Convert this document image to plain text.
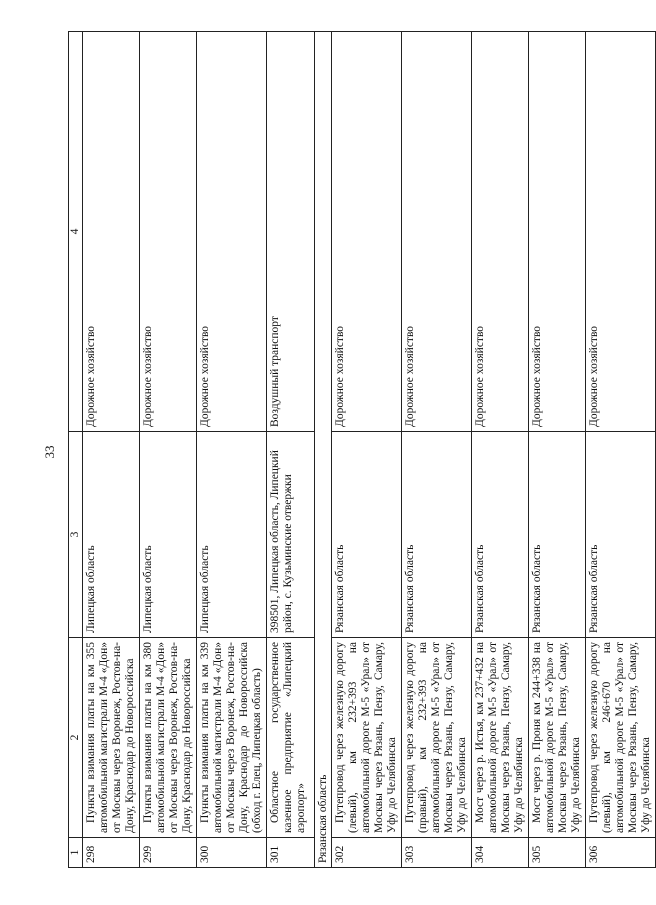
33
1	2	3	4
298	Пункты взимания платы на км 355 автомобильной магистрали М-4 «Дон» от Москвы через Воронеж, Ростов-на-Дону, Краснодар до Новороссийска	Липецкая область	Дорожное хозяйство
299	Пункты взимания платы на км 380 автомобильной магистрали М-4 «Дон» от Москвы через Воронеж, Ростов-на-Дону, Краснодар до Новороссийска	Липецкая область	Дорожное хозяйство
300	Пункты взимания платы на км 339 автомобильной магистрали М-4 «Дон» от Москвы через Воронеж, Ростов-на-Дону, Краснодар до Новороссийска (обход г. Елец, Липецкая область)	Липецкая область	Дорожное хозяйство
301	Областное государственное казенное предприятие «Липецкий аэропорт»	398501, Липецкая область, Липецкий район, с. Кузьминские отвержки	Воздушный транспорт
Рязанская область			
302	Путепровод через железную дорогу (левый), км 232+393 на автомобильной дороге М-5 «Урал» от Москвы через Рязань, Пензу, Самару, Уфу до Челябинска	Рязанская область	Дорожное хозяйство
303	Путепровод через железную дорогу (правый), км 232+393 на автомобильной дороге М-5 «Урал» от Москвы через Рязань, Пензу, Самару, Уфу до Челябинска	Рязанская область	Дорожное хозяйство
304	Мост через р. Истья, км 237+432 на автомобильной дороге М-5 «Урал» от Москвы через Рязань, Пензу, Самару, Уфу до Челябинска	Рязанская область	Дорожное хозяйство
305	Мост через р. Проня км 244+338 на автомобильной дороге М-5 «Урал» от Москвы через Рязань, Пензу, Самару, Уфу до Челябинска	Рязанская область	Дорожное хозяйство
306	Путепровод через железную дорогу (левый), км 246+670 на автомобильной дороге М-5 «Урал» от Москвы через Рязань, Пензу, Самару, Уфу до Челябинска	Рязанская область	Дорожное хозяйство
